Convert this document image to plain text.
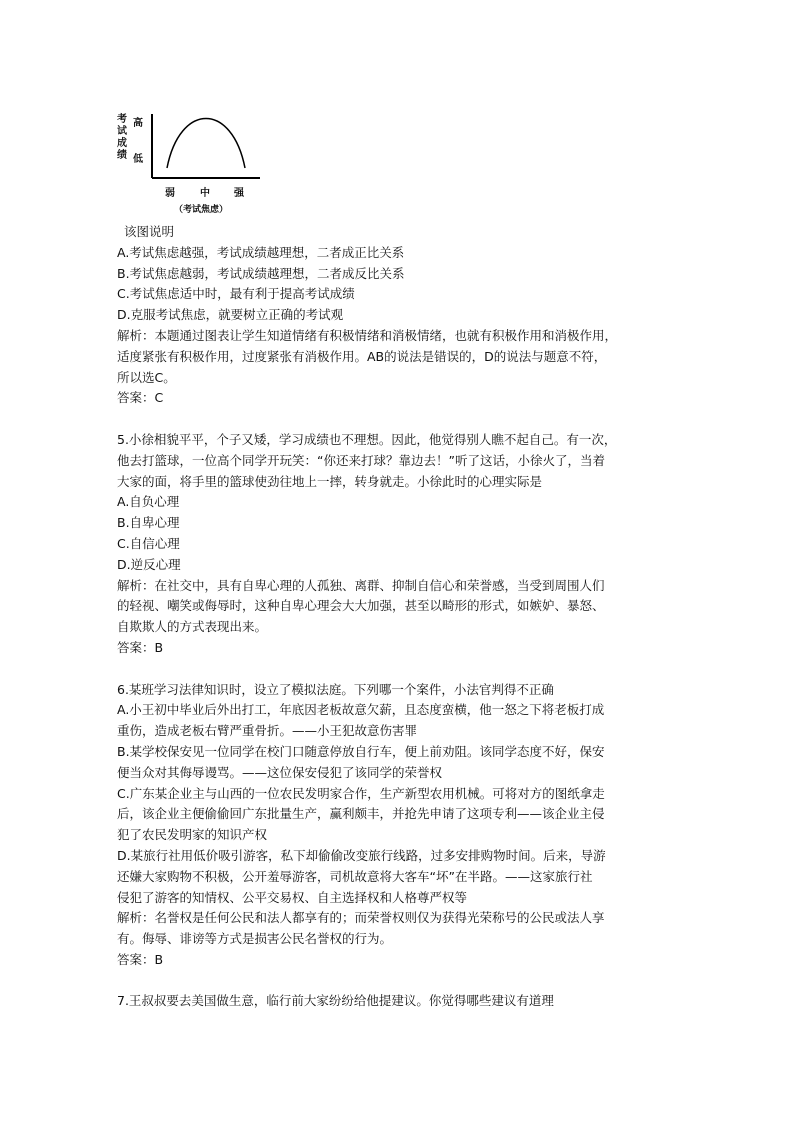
考试成绩
高
低
弱	中 强
（考试焦虑）
该图说明
A.考试焦虑越强，考试成绩越理想，二者成正比关系
B.考试焦虑越弱，考试成绩越理想，二者成反比关系
C.考试焦虑适中时，最有利于提高考试成绩
D.克服考试焦虑，就要树立正确的考试观
解析：本题通过图表让学生知道情绪有积极情绪和消极情绪，也就有积极作用和消极作用，
适度紧张有积极作用，过度紧张有消极作用。AB的说法是错误的，D的说法与题意不符，
所以选C。
答案：C
5.小徐相貌平平，个子又矮，学习成绩也不理想。因此，他觉得别人瞧不起自己。有一次，
他去打篮球，一位高个同学开玩笑：“你还来打球？靠边去！”听了这话，小徐火了，当着
大家的面，将手里的篮球使劲往地上一摔，转身就走。小徐此时的心理实际是
A.自负心理
B.自卑心理
C.自信心理
D.逆反心理
解析：在社交中，具有自卑心理的人孤独、离群、抑制自信心和荣誉感，当受到周围人们
的轻视、嘲笑或侮辱时，这种自卑心理会大大加强，甚至以畸形的形式，如嫉妒、暴怒、
自欺欺人的方式表现出来。
答案：B
6.某班学习法律知识时，设立了模拟法庭。下列哪一个案件，小法官判得不正确
A.小王初中毕业后外出打工，年底因老板故意欠薪，且态度蛮横，他一怒之下将老板打成
重伤，造成老板右臂严重骨折。——小王犯故意伤害罪
B.某学校保安见一位同学在校门口随意停放自行车，便上前劝阻。该同学态度不好，保安
便当众对其侮辱谩骂。——这位保安侵犯了该同学的荣誉权
C.广东某企业主与山西的一位农民发明家合作，生产新型农用机械。可将对方的图纸拿走
后，该企业主便偷偷回广东批量生产，赢利颇丰，并抢先申请了这项专利——该企业主侵
犯了农民发明家的知识产权
D.某旅行社用低价吸引游客，私下却偷偷改变旅行线路，过多安排购物时间。后来，导游
还嫌大家购物不积极，公开羞辱游客，司机故意将大客车“坏”在半路。——这家旅行社
侵犯了游客的知情权、公平交易权、自主选择权和人格尊严权等
解析：名誉权是任何公民和法人都享有的；而荣誉权则仅为获得光荣称号的公民或法人享
有。侮辱、诽谤等方式是损害公民名誉权的行为。
答案：B
7.王叔叔要去美国做生意，临行前大家纷纷给他提建议。你觉得哪些建议有道理
